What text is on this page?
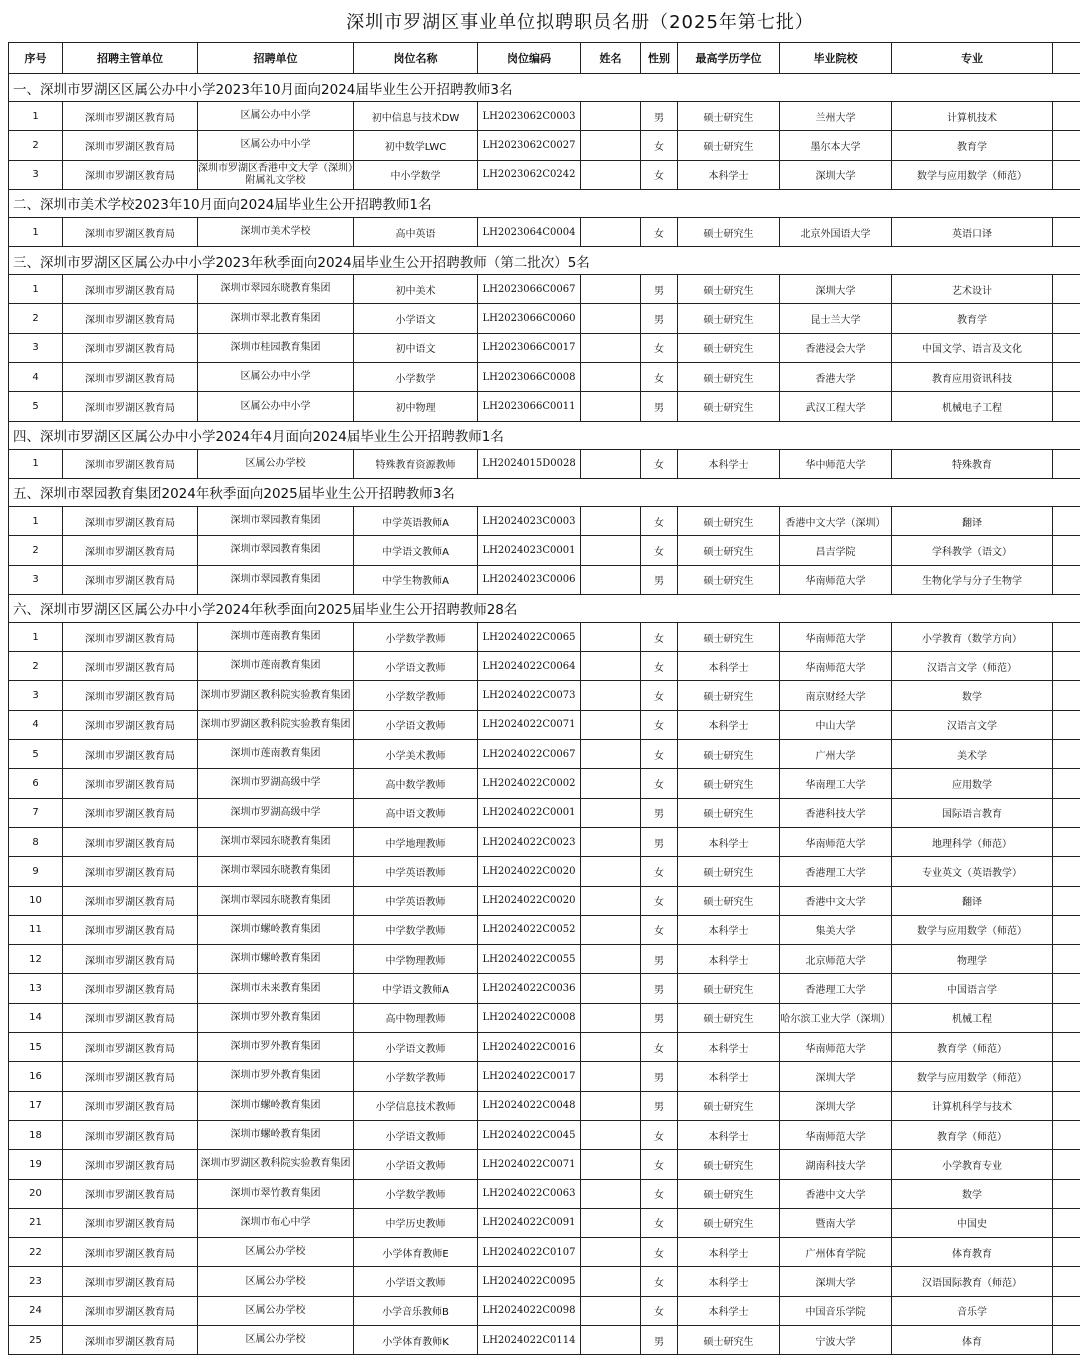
深圳市罗湖区事业单位拟聘职员名册（2025年第七批）
序号	招聘主管单位	招聘单位	岗位名称	岗位编码	姓名	性别	最高学历学位	毕业院校	专业	
一、深圳市罗湖区区属公办中小学2023年10月面向2024届毕业生公开招聘教师3名										
1	深圳市罗湖区教育局	区属公办中小学	初中信息与技术DW	LH2023062C0003		男	硕士研究生	兰州大学	计算机技术	
2	深圳市罗湖区教育局	区属公办中小学	初中数学LWC	LH2023062C0027		女	硕士研究生	墨尔本大学	教育学	
3	深圳市罗湖区教育局	深圳市罗湖区香港中文大学（深圳）附属礼文学校	中小学数学	LH2023062C0242		女	本科学士	深圳大学	数学与应用数学（师范）	
二、深圳市美术学校2023年10月面向2024届毕业生公开招聘教师1名										
1	深圳市罗湖区教育局	深圳市美术学校	高中英语	LH2023064C0004		女	硕士研究生	北京外国语大学	英语口译	
三、深圳市罗湖区区属公办中小学2023年秋季面向2024届毕业生公开招聘教师（第二批次）5名										
1	深圳市罗湖区教育局	深圳市翠园东晓教育集团	初中美术	LH2023066C0067		男	硕士研究生	深圳大学	艺术设计	
2	深圳市罗湖区教育局	深圳市翠北教育集团	小学语文	LH2023066C0060		男	硕士研究生	昆士兰大学	教育学	
3	深圳市罗湖区教育局	深圳市桂园教育集团	初中语文	LH2023066C0017		女	硕士研究生	香港浸会大学	中国文学、语言及文化	
4	深圳市罗湖区教育局	区属公办中小学	小学数学	LH2023066C0008		女	硕士研究生	香港大学	教育应用资讯科技	
5	深圳市罗湖区教育局	区属公办中小学	初中物理	LH2023066C0011		男	硕士研究生	武汉工程大学	机械电子工程	
四、深圳市罗湖区区属公办中小学2024年4月面向2024届毕业生公开招聘教师1名										
1	深圳市罗湖区教育局	区属公办学校	特殊教育资源教师	LH2024015D0028		女	本科学士	华中师范大学	特殊教育	
五、深圳市翠园教育集团2024年秋季面向2025届毕业生公开招聘教师3名										
1	深圳市罗湖区教育局	深圳市翠园教育集团	中学英语教师A	LH2024023C0003		女	硕士研究生	香港中文大学（深圳）	翻译	
2	深圳市罗湖区教育局	深圳市翠园教育集团	中学语文教师A	LH2024023C0001		女	硕士研究生	昌吉学院	学科教学（语文）	
3	深圳市罗湖区教育局	深圳市翠园教育集团	中学生物教师A	LH2024023C0006		男	硕士研究生	华南师范大学	生物化学与分子生物学	
六、深圳市罗湖区区属公办中小学2024年秋季面向2025届毕业生公开招聘教师28名										
1	深圳市罗湖区教育局	深圳市莲南教育集团	小学数学教师	LH2024022C0065		女	硕士研究生	华南师范大学	小学教育（数学方向）	
2	深圳市罗湖区教育局	深圳市莲南教育集团	小学语文教师	LH2024022C0064		女	本科学士	华南师范大学	汉语言文学（师范）	
3	深圳市罗湖区教育局	深圳市罗湖区教科院实验教育集团	小学数学教师	LH2024022C0073		女	硕士研究生	南京财经大学	数学	
4	深圳市罗湖区教育局	深圳市罗湖区教科院实验教育集团	小学语文教师	LH2024022C0071		女	本科学士	中山大学	汉语言文学	
5	深圳市罗湖区教育局	深圳市莲南教育集团	小学美术教师	LH2024022C0067		女	硕士研究生	广州大学	美术学	
6	深圳市罗湖区教育局	深圳市罗湖高级中学	高中数学教师	LH2024022C0002		女	硕士研究生	华南理工大学	应用数学	
7	深圳市罗湖区教育局	深圳市罗湖高级中学	高中语文教师	LH2024022C0001		男	硕士研究生	香港科技大学	国际语言教育	
8	深圳市罗湖区教育局	深圳市翠园东晓教育集团	中学地理教师	LH2024022C0023		男	本科学士	华南师范大学	地理科学（师范）	
9	深圳市罗湖区教育局	深圳市翠园东晓教育集团	中学英语教师	LH2024022C0020		女	硕士研究生	香港理工大学	专业英文（英语教学）	
10	深圳市罗湖区教育局	深圳市翠园东晓教育集团	中学英语教师	LH2024022C0020		女	硕士研究生	香港中文大学	翻译	
11	深圳市罗湖区教育局	深圳市螺岭教育集团	中学数学教师	LH2024022C0052		女	本科学士	集美大学	数学与应用数学（师范）	
12	深圳市罗湖区教育局	深圳市螺岭教育集团	中学物理教师	LH2024022C0055		男	本科学士	北京师范大学	物理学	
13	深圳市罗湖区教育局	深圳市未来教育集团	中学语文教师A	LH2024022C0036		男	硕士研究生	香港理工大学	中国语言学	
14	深圳市罗湖区教育局	深圳市罗外教育集团	高中物理教师	LH2024022C0008		男	硕士研究生	哈尔滨工业大学（深圳）	机械工程	
15	深圳市罗湖区教育局	深圳市罗外教育集团	小学语文教师	LH2024022C0016		女	本科学士	华南师范大学	教育学（师范）	
16	深圳市罗湖区教育局	深圳市罗外教育集团	小学数学教师	LH2024022C0017		男	本科学士	深圳大学	数学与应用数学（师范）	
17	深圳市罗湖区教育局	深圳市螺岭教育集团	小学信息技术教师	LH2024022C0048		男	硕士研究生	深圳大学	计算机科学与技术	
18	深圳市罗湖区教育局	深圳市螺岭教育集团	小学语文教师	LH2024022C0045		女	本科学士	华南师范大学	教育学（师范）	
19	深圳市罗湖区教育局	深圳市罗湖区教科院实验教育集团	小学语文教师	LH2024022C0071		女	硕士研究生	湖南科技大学	小学教育专业	
20	深圳市罗湖区教育局	深圳市翠竹教育集团	小学数学教师	LH2024022C0063		女	硕士研究生	香港中文大学	数学	
21	深圳市罗湖区教育局	深圳市布心中学	中学历史教师	LH2024022C0091		女	硕士研究生	暨南大学	中国史	
22	深圳市罗湖区教育局	区属公办学校	小学体育教师E	LH2024022C0107		女	本科学士	广州体育学院	体育教育	
23	深圳市罗湖区教育局	区属公办学校	小学语文教师	LH2024022C0095		女	本科学士	深圳大学	汉语国际教育（师范）	
24	深圳市罗湖区教育局	区属公办学校	小学音乐教师B	LH2024022C0098		女	本科学士	中国音乐学院	音乐学	
25	深圳市罗湖区教育局	区属公办学校	小学体育教师K	LH2024022C0114		男	硕士研究生	宁波大学	体育	
